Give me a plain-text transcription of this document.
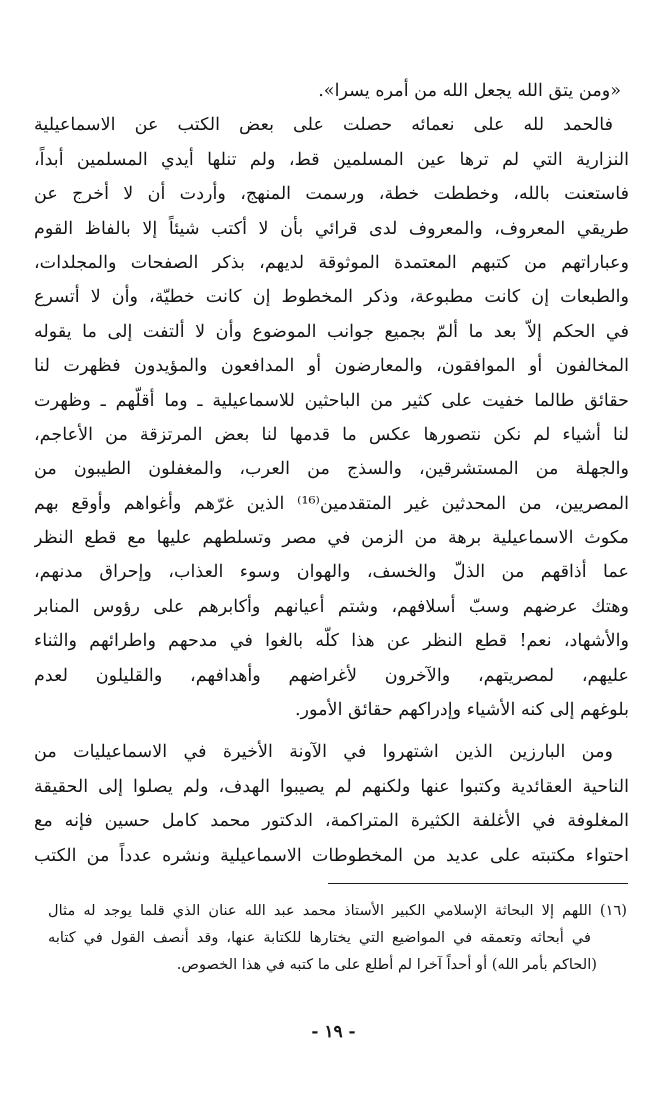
«ومن يتق الله يجعل الله من أمره يسرا».
فالحمد لله على نعمائه حصلت على بعض الكتب عن الاسماعيلية
النزارية التي لم ترها عين المسلمين قط، ولم تنلها أيدي المسلمين أبداً،
فاستعنت بالله، وخططت خطة، ورسمت المنهج، وأردت أن لا أخرج عن
طريقي المعروف، والمعروف لدى قرائي بأن لا أكتب شيئاً إلا بالفاظ القوم
وعباراتهم من كتبهم المعتمدة الموثوقة لديهم، بذكر الصفحات والمجلدات،
والطبعات إن كانت مطبوعة، وذكر المخطوط إن كانت خطيّة، وأن لا أتسرع
في الحكم إلاّ بعد ما ألمّ بجميع جوانب الموضوع وأن لا ألتفت إلى ما يقوله
المخالفون أو الموافقون، والمعارضون أو المدافعون والمؤيدون فظهرت لنا
حقائق طالما خفيت على كثير من الباحثين للاسماعيلية ـ وما أقلّهم ـ وظهرت
لنا أشياء لم نكن نتصورها عكس ما قدمها لنا بعض المرتزقة من الأعاجم،
والجهلة من المستشرقين، والسذج من العرب، والمغفلون الطيبون من
المصريين، من المحدثين غير المتقدمين⁽¹⁶⁾ الذين غرّهم وأغواهم وأوقع بهم
مكوث الاسماعيلية برهة من الزمن في مصر وتسلطهم عليها مع قطع النظر
عما أذاقهم من الذلّ والخسف، والهوان وسوء العذاب، وإحراق مدنهم،
وهتك عرضهم وسبّ أسلافهم، وشتم أعيانهم وأكابرهم على رؤوس المنابر
والأشهاد، نعم! قطع النظر عن هذا كلّه بالغوا في مدحهم واطرائهم والثناء
عليهم، لمصريتهم، والآخرون لأغراضهم وأهدافهم، والقليلون لعدم
بلوغهم إلى كنه الأشياء وإدراكهم حقائق الأمور.
ومن البارزين الذين اشتهروا في الآونة الأخيرة في الاسماعيليات من
الناحية العقائدية وكتبوا عنها ولكنهم لم يصيبوا الهدف، ولم يصلوا إلى الحقيقة
المغلوفة في الأغلفة الكثيرة المتراكمة، الدكتور محمد كامل حسين فإنه مع
احتواء مكتبته على عديد من المخطوطات الاسماعيلية ونشره عدداً من الكتب
(١٦) اللهم إلا البحاثة الإسلامي الكبير الأستاذ محمد عبد الله عنان الذي قلما يوجد له مثال
في أبحاثه وتعمقه في المواضيع التي يختارها للكتابة عنها، وقد أنصف القول في كتابه
(الحاكم بأمر الله) أو أحداً آخرا لم أطلع على ما كتبه في هذا الخصوص.
- ١٩ -
